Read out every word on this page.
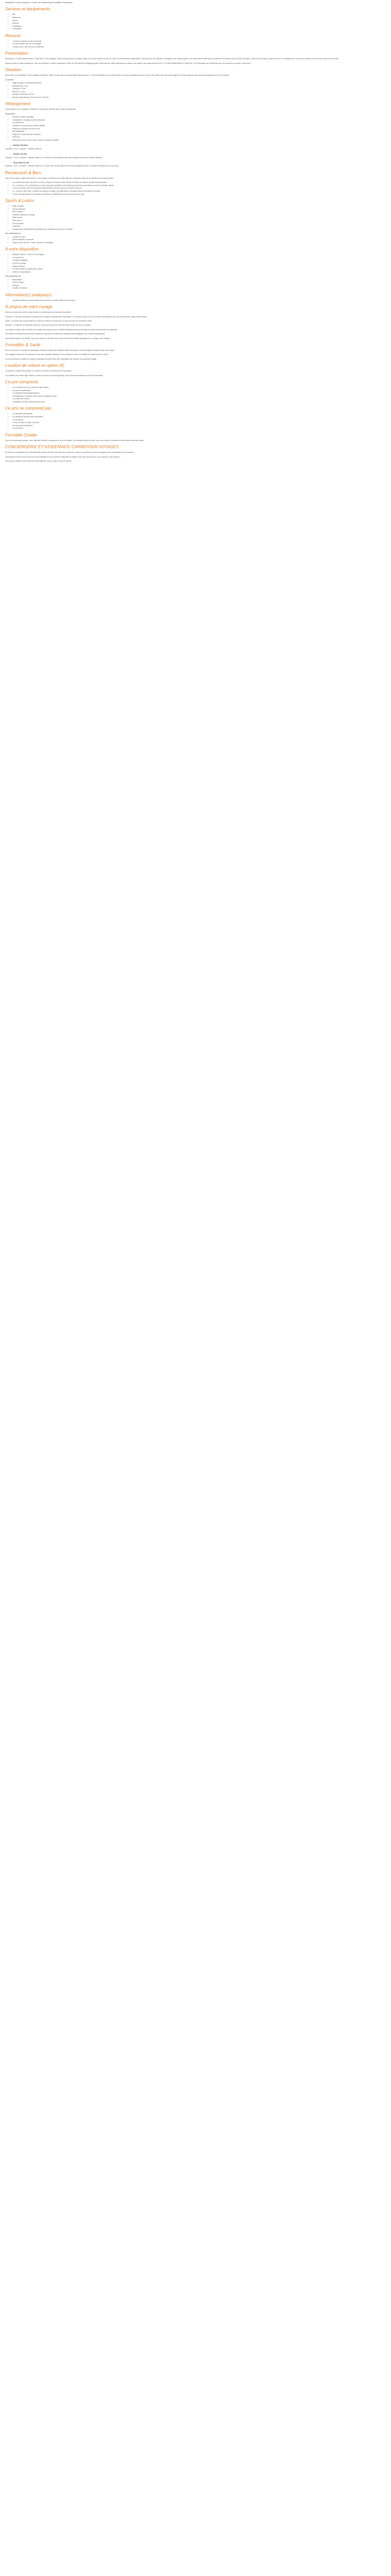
Description Ce prix comprend » Ce prix ne comprend pas Formalités Conciergerie
Services et équipements
• Wifi
• Restaurant
• Piscine
• Boutique
• Climatisation
• Conciergerie
Résumé
• Le plaisir de grandir au coeur de Macaé
• Le cadre naturel entre mer et montagne
• L'espace Spa & bien-être pour se détendre
Présentation

Bienvenue au TUI Blue Adriatic Beach 4* Adult Only • 16 by Dranagan ! Situé à quelques pas de la plage, profitez d'un accueil chaleureux dans un cadre à la fois moderne et authentique. L'hôtel propose des chambres confortables, une cuisine soignée et de nombreuses activités pour se détendre et se divertir tout au long de votre séjour. Idéal pour les couples en quête de calme, cet établissement réservé aux adultes vous promet des moments de sérénité.

Séjournez dans un cadre exceptionnel, entre mer turquoise et collines verdoyantes. Partez à la découverte des villages typiques, flânez dans les ruelles pittoresques et laissez-vous charmer par la gastronomie locale. Le TUI Blue Adriatic Beach 4* Adult Only • 16 by Dranagan est l'endroit idéal pour vos vacances en couple ou entre amis !

Situation

Niché entre la mer Adriatique et les montagnes de Biokovo, l'hôtel est situé dans un environnement naturel préservé. La ville de Makarska et son centre animé se trouvent à quelques minutes. Vous pourrez profiter des nombreuses plages de la région ainsi que des excursions proposées vers les îles voisines.

À proximité :

• Plage de galets, accessible directement
• Makarska (env. 5 km)
• Tucepi (env. 3 km)
• Split (env. 70 km)
• Aéroport de Split (env. 80 km)
• Aéroport international de Dubrovnik (env. 150 km)
Hébergement

L'hôtel dispose de 271 chambres modernes et lumineuses, décorées dans un style contemporain.

Équipements :

• Terrasse ou balcon aménagé
• Climatisation / chauffage (contrôle individuel)
• Connexion Wifi
• Télévision à écran plat avec chaînes satellite
• Plateau de courtoisie avec thé et café
• Mini-réfrigérateur
• Peignoirs et chaussons (sur demande)
• Coffre-fort
• Salle de bain avec douche, sèche-cheveux et articles de toilette
• Chambre Standard

Superficie : 24 m² • Capacité : 2 adultes maximum

• Chambre Vue Mer

Superficie : 24 m² • Capacité : 2 adultes maximum. La chambre Vue Mer dispose des mêmes équipements que la Chambre Standard.

• Junior Suite Vue Mer

Superficie : 36 m² • Capacité : 3 adultes maximum. La Junior Suite Vue Mer dispose des mêmes équipements que la Chambre Standard avec un coin salon.

Restaurants & Bars

Lors de votre séjour, profitez de la formule « Tout compris » incluant tous les petits-déjeuners, déjeuners, dîners et une sélection de boissons locales.

• Le restaurant principal, sous forme de buffet, propose une cuisine variée mettant à l'honneur les saveurs locales et internationales.
• Le « Culinarium » est un restaurant à la carte (réservation préalable à la réception) proposant des spécialités de la mer et des plats raffinés.
• Le bar de la piscine offre des boissons rafraîchissantes et des en-cas tout au long de la journée.
• Le « Terrace Coffee Shop » propose des boissons chaudes, des pâtisseries et des glaces dans une ambiance conviviale.
• Le bar à cocktails propose une sélection de boissons à déguster face à la mer au coucher du soleil.
Sports & Loisirs
• Plage de galets
• Piscine extérieure
• Bain à remous
• Transats et parasols à la plage
• Salle de sport
• Salle de jeux
• Tennis de table
• Volley-ball
• Programme de divertissements quotidiens avec animations en journée et en soirée

Avec participation (€) :

• Location de vélos
• Sports nautiques à proximité
• Espace Spa & bien-être : sauna, hammam et massages
A votre disposition
• Réception 24h/24 – service de conciergerie
• Connexion Wifi
• Consigne à bagages
• Service de change
• Parking extérieur
• Prêt de serviettes de plage (avec caution)
• Service de blanchisserie

Avec participation (€) :

• Blanchisserie
• Service d'étage
• Boutique
• Location de voitures
Information(s) pratique(s)
• Certaines chambres sont accessibles aux personnes à mobilité réduite (sur demande).
À propos de votre voyage

Nous vous remercions de bien vouloir prendre en considération les informations suivantes :

Transport : Le transport aller/retour est assuré par vol régulier ou spécial selon disponibilité. Les horaires et plans de vol vous seront communiqués dans vos documents de voyage avant le départ.

Repas : La formule tout compris débute au moment du check-in et se termine au check-out selon les horaires de l'hôtel.

Chambre : La chambre est disponible à partir de 14h le jour de l'arrivée et doit être libérée avant 11h le jour du départ.

Les boissons incluses dans la formule tout compris sont servies au verre. Certains établissements peuvent exiger une tenue correcte dans les restaurants.

Les activités et animations peuvent être modifiées ou annulées en fonction des conditions météorologiques ou du nombre de participants.

Informations relatives à la mobilité : Nous vous invitons à consulter notre service client afin de vérifier l'adéquation de ce voyage à votre situation.

Formalités & Santé

Nous vous invitons à consulter les informations officielles relatives aux formalités d'entrée ainsi qu'aux recommandations sanitaires avant votre départ.

Les voyageurs doivent être en possession d'une carte nationale d'identité ou d'un passeport en cours de validité pour toute la durée du séjour.

Il est recommandé de vérifier les conditions spécifiques d'entrée selon votre nationalité et de souscrire une assurance voyage.

Location de voiture en option (€)

La location de véhicule est possible sur demande (à réserver au moment de la réservation).

Les conditions de location (âge minimum, permis de conduire, dépôt de garantie) vous seront communiquées lors de votre réservation.

Ce prix comprend
• Les vols aller/retour (en fonction de l'offre choisie)
• Les taxes aéroportuaires
• Les transferts aéroport/hôtel/aéroport
• L'hébergement en chambre double selon la catégorie choisie
• La formule tout compris
• L'assistance de notre représentant sur place
Ce prix ne comprend pas
• Les dépenses personnelles
• Les activités et services avec participation
• Les excursions
• La taxe de séjour (à régler sur place)
• Les assurances facultatives
• Les pourboires
Formalité Croatie

Pour les ressortissants français : carte nationale d'identité ou passeport en cours de validité. Les formalités peuvent évoluer, nous vous invitons à consulter les sites officiels avant votre départ.

CONCIERGERIE ET ASSISTANCE CARREFOUR VOYAGES

Un service de conciergerie est à votre disposition avant et pendant votre séjour pour répondre à toutes vos questions et vous accompagner dans l'organisation de vos vacances.

Notre équipe se tient à votre écoute pour vous conseiller sur les excursions, restaurants et activités à découvrir, ainsi que pour vous assister en cas d'imprévu.

Vous pouvez contacter notre service client par téléphone ou par e-mail, du lundi au samedi.
